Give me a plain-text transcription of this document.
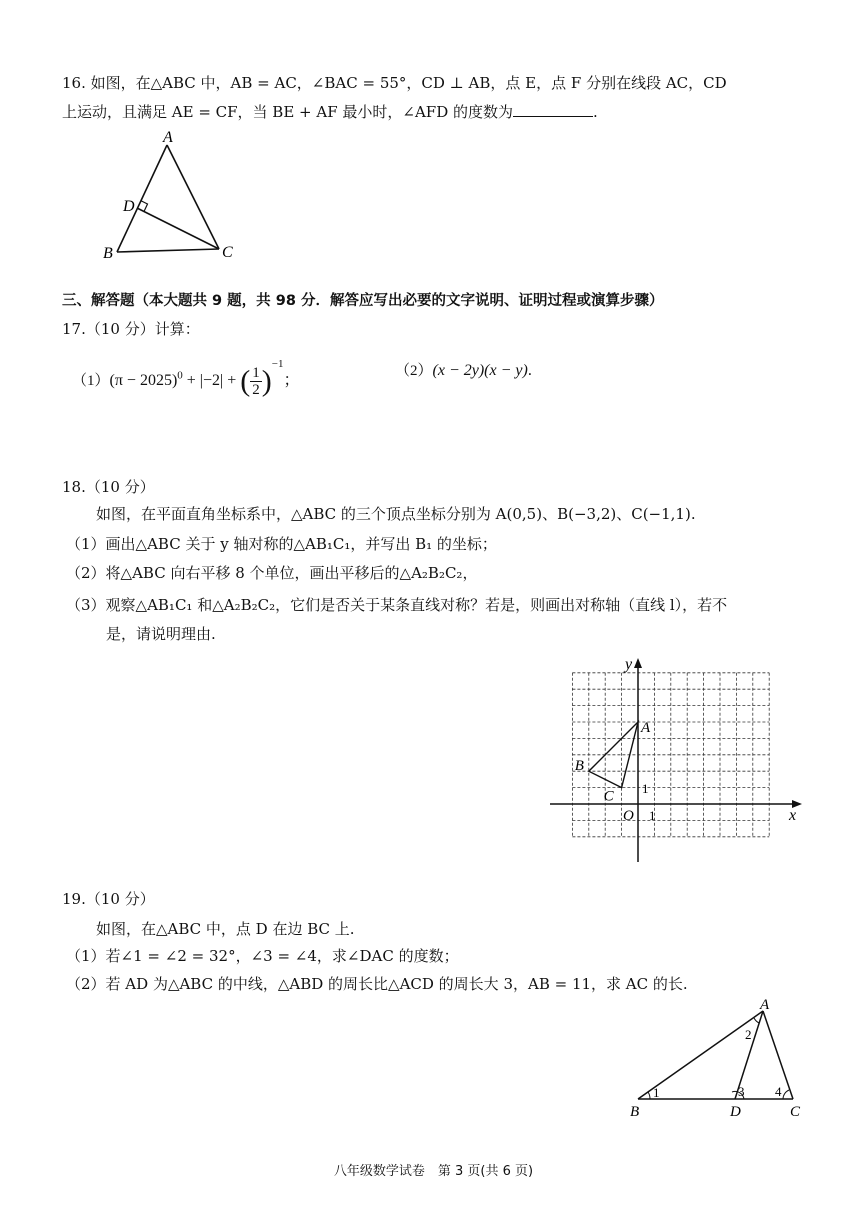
16. 如图，在△ABC 中，AB = AC，∠BAC = 55°，CD ⊥ AB，点 E，点 F 分别在线段 AC，CD
上运动，且满足 AE = CF，当 BE + AF 最小时，∠AFD 的度数为	.
A
D
B	C
三、解答题（本大题共 9 题，共 98 分．解答应写出必要的文字说明、证明过程或演算步骤）
17.（10 分）计算：
$(1)(\pi - 2025)^0 + |-2|$ + ( $\frac{1}{2} )^{-1}$；
（2）(x − 2y)(x − y).
18.（10 分）
如图，在平面直角坐标系中，△ABC 的三个顶点坐标分别为 A(0,5)、B(−3,2)、C(−1,1).
（1）画出△ABC 关于 y 轴对称的△AB₁C₁，并写出 B₁ 的坐标；
（2）将△ABC 向右平移 8 个单位，画出平移后的△A₂B₂C₂，
（3）观察△AB₁C₁ 和△A₂B₂C₂，它们是否关于某条直线对称？若是，则画出对称轴（直线 l），若不
是，请说明理由.
x
y
O 1
1
A
B
C
19.（10 分）
如图，在△ABC 中，点 D 在边 BC 上.
（1）若∠1 = ∠2 = 32°，∠3 = ∠4，求∠DAC 的度数；
（2）若 AD 为△ABC 的中线，△ABD 的周长比△ACD 的周长大 3，AB = 11，求 AC 的长.
A
B	D	C
1
2
3 4
八年级数学试卷　第 3 页(共 6 页)
